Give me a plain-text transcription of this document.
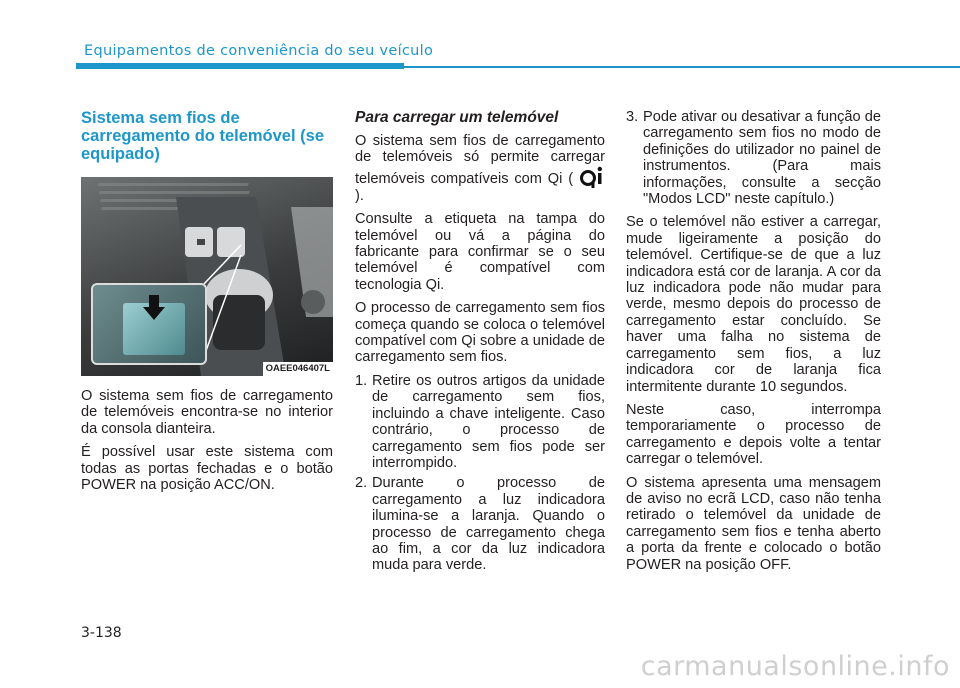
Equipamentos de conveniência do seu veículo
Sistema sem fios de carregamento do telemóvel (se equipado)
OAEE046407L

O sistema sem fios de carregamento de telemóveis encontra-se no interior da consola dianteira.

É possível usar este sistema com todas as portas fechadas e o botão POWER na posição ACC/ON.

Para carregar um telemóvel

O sistema sem fios de carregamento de telemóveis só permite carregar telemóveis compatíveis com Qi (  ).

Consulte a etiqueta na tampa do telemóvel ou vá a página do fabricante para confirmar se o seu telemóvel é compatível com tecnologia Qi.

O processo de carregamento sem fios começa quando se coloca o telemóvel compatível com Qi sobre a unidade de carregamento sem fios.

1. Retire os outros artigos da unidade de carregamento sem fios, incluindo a chave inteligente. Caso contrário, o processo de carregamento sem fios pode ser interrompido.
2. Durante o processo de carregamento a luz indicadora ilumina-se a laranja. Quando o processo de carregamento chega ao fim, a cor da luz indicadora muda para verde.
3. Pode ativar ou desativar a função de carregamento sem fios no modo de definições do utilizador no painel de instrumentos. (Para mais informações, consulte a secção "Modos LCD" neste capítulo.)

Se o telemóvel não estiver a carregar, mude ligeiramente a posição do telemóvel. Certifique-se de que a luz indicadora está cor de laranja. A cor da luz indicadora pode não mudar para verde, mesmo depois do processo de carregamento estar concluído. Se haver uma falha no sistema de carregamento sem fios, a luz indicadora cor de laranja fica intermitente durante 10 segundos.

Neste caso, interrompa temporariamente o processo de carregamento e depois volte a tentar carregar o telemóvel.

O sistema apresenta uma mensagem de aviso no ecrã LCD, caso não tenha retirado o telemóvel da unidade de carregamento sem fios e tenha aberto a porta da frente e colocado o botão POWER na posição OFF.

3-138
carmanualsonline.info
